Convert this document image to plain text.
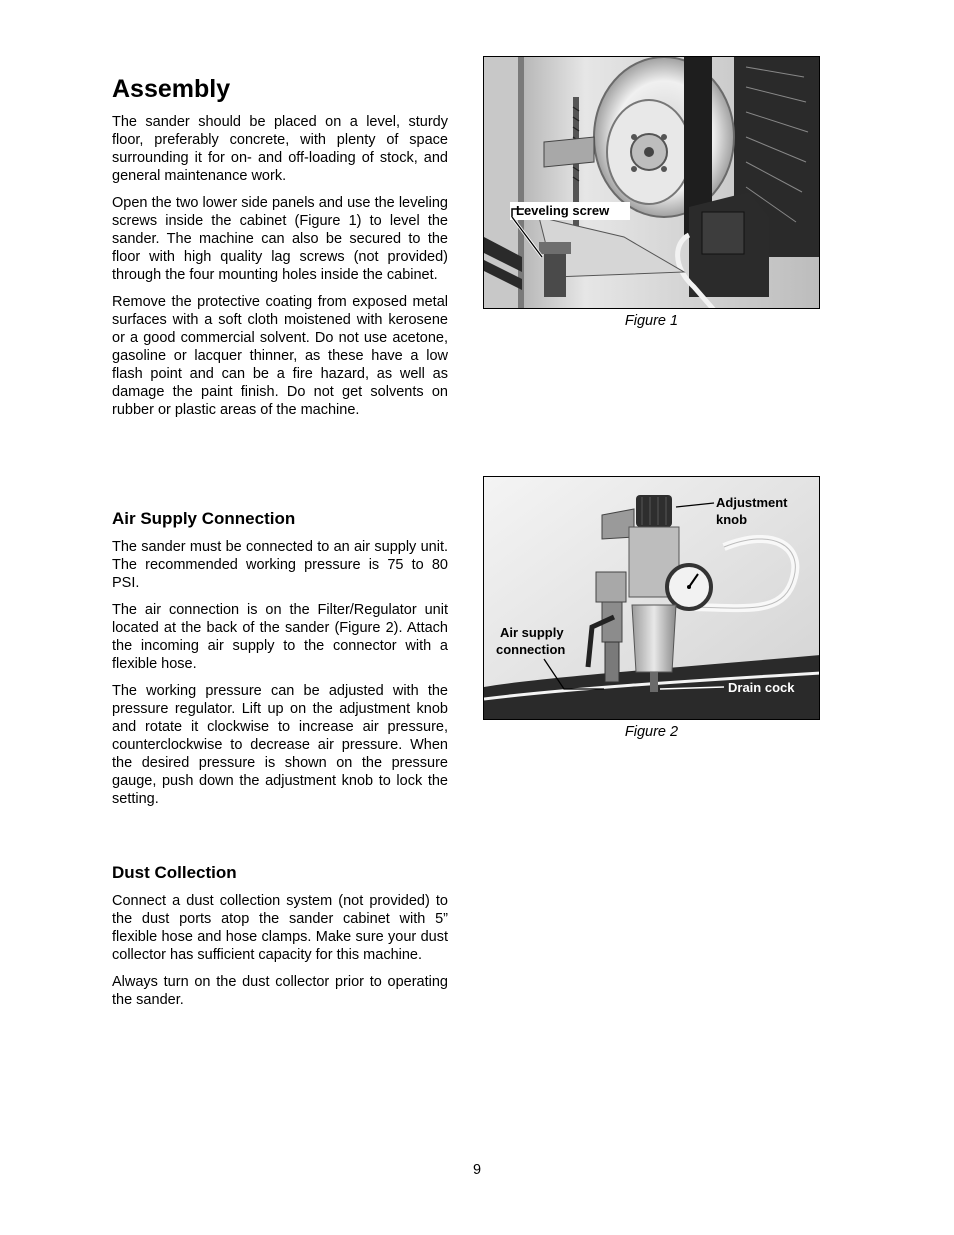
Assembly

The sander should be placed on a level, sturdy floor, preferably concrete, with plenty of space surrounding it for on- and off-loading of stock, and general maintenance work.

Open the two lower side panels and use the leveling screws inside the cabinet (Figure 1) to level the sander. The machine can also be secured to the floor with high quality lag screws (not provided) through the four mounting holes inside the cabinet.

Remove the protective coating from exposed metal surfaces with a soft cloth moistened with kerosene or a good commercial solvent. Do not use acetone, gasoline or lacquer thinner, as these have a low flash point and can be a fire hazard, as well as damage the paint finish. Do not get solvents on rubber or plastic areas of the machine.

Air Supply Connection

The sander must be connected to an air supply unit. The recommended working pressure is 75 to 80 PSI.

The air connection is on the Filter/Regulator unit located at the back of the sander (Figure 2). Attach the incoming air supply to the connector with a flexible hose.

The working pressure can be adjusted with the pressure regulator. Lift up on the adjustment knob and rotate it clockwise to increase air pressure, counterclockwise to decrease air pressure. When the desired pressure is shown on the pressure gauge, push down the adjustment knob to lock the setting.

Dust Collection

Connect a dust collection system (not provided) to the dust ports atop the sander cabinet with 5” flexible hose and hose clamps. Make sure your dust collector has sufficient capacity for this machine.

Always turn on the dust collector prior to operating the sander.

Leveling screw
Figure 1
Adjustment
knob
Air supply
connection
Drain cock
Figure 2
9
